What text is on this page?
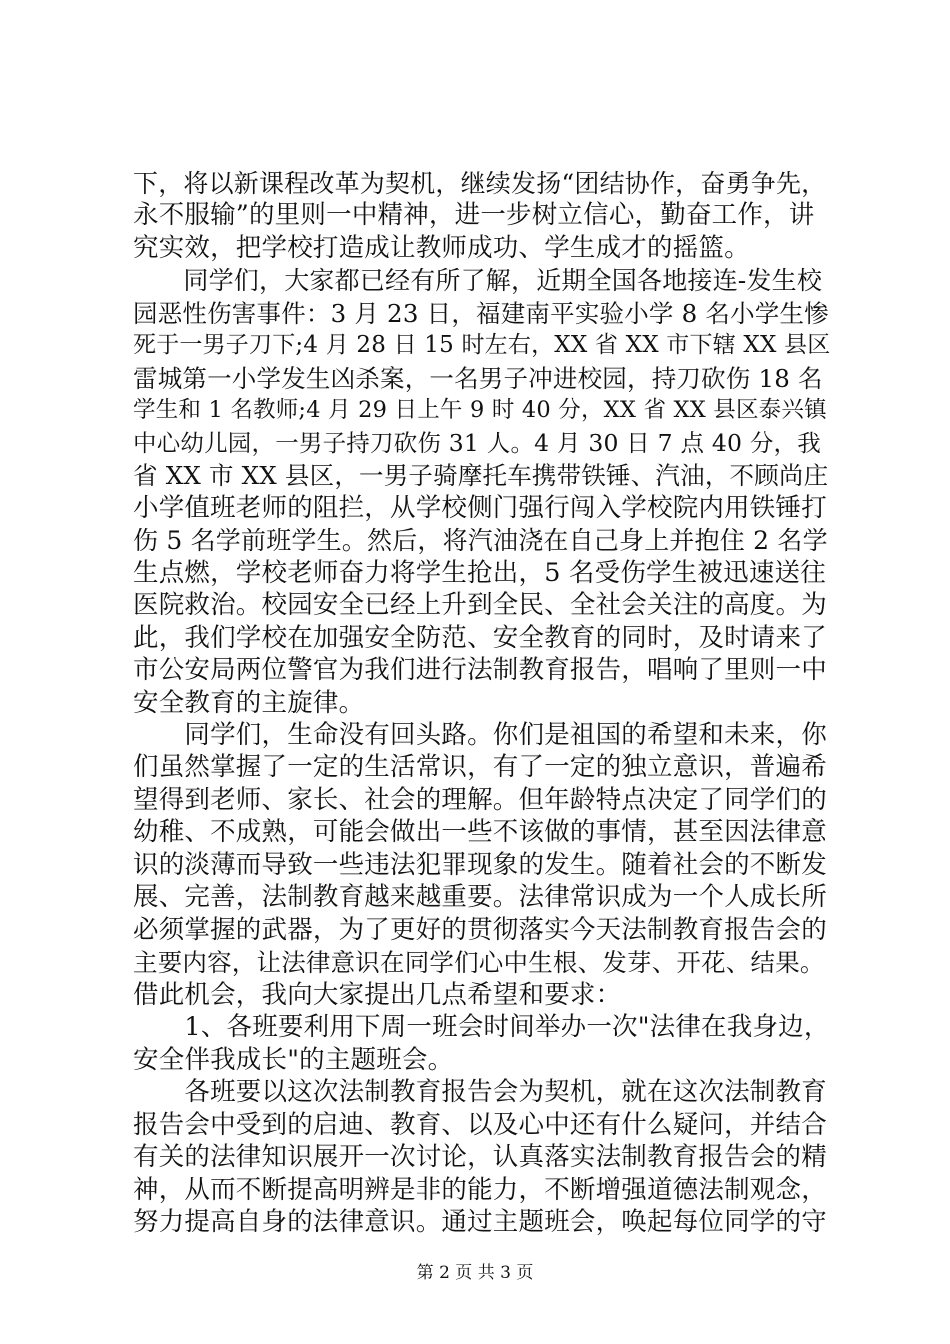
下，将以新课程改革为契机，继续发扬“团结协作，奋勇争先，
永不服输”的里则一中精神，进一步树立信心，勤奋工作，讲
究实效，把学校打造成让教师成功、学生成才的摇篮。
　　同学们，大家都已经有所了解，近期全国各地接连-发生校
园恶性伤害事件：3 月 23 日，福建南平实验小学 8 名小学生惨
死于一男子刀下;4 月 28 日 15 时左右，XX 省 XX 市下辖 XX 县区
雷城第一小学发生凶杀案，一名男子冲进校园，持刀砍伤 18 名
学生和 1 名教师;4 月 29 日上午 9 时 40 分，XX 省 XX 县区泰兴镇
中心幼儿园，一男子持刀砍伤 31 人。4 月 30 日 7 点 40 分，我
省 XX 市 XX 县区，一男子骑摩托车携带铁锤、汽油，不顾尚庄
小学值班老师的阻拦，从学校侧门强行闯入学校院内用铁锤打
伤 5 名学前班学生。然后，将汽油浇在自己身上并抱住 2 名学
生点燃，学校老师奋力将学生抢出，5 名受伤学生被迅速送往
医院救治。校园安全已经上升到全民、全社会关注的高度。为
此，我们学校在加强安全防范、安全教育的同时，及时请来了
市公安局两位警官为我们进行法制教育报告，唱响了里则一中
安全教育的主旋律。
　　同学们，生命没有回头路。你们是祖国的希望和未来，你
们虽然掌握了一定的生活常识，有了一定的独立意识，普遍希
望得到老师、家长、社会的理解。但年龄特点决定了同学们的
幼稚、不成熟，可能会做出一些不该做的事情，甚至因法律意
识的淡薄而导致一些违法犯罪现象的发生。随着社会的不断发
展、完善，法制教育越来越重要。法律常识成为一个人成长所
必须掌握的武器，为了更好的贯彻落实今天法制教育报告会的
主要内容，让法律意识在同学们心中生根、发芽、开花、结果。
借此机会，我向大家提出几点希望和要求：
　　1、各班要利用下周一班会时间举办一次"法律在我身边，
安全伴我成长"的主题班会。
　　各班要以这次法制教育报告会为契机，就在这次法制教育
报告会中受到的启迪、教育、以及心中还有什么疑问，并结合
有关的法律知识展开一次讨论，认真落实法制教育报告会的精
神，从而不断提高明辨是非的能力，不断增强道德法制观念，
努力提高自身的法律意识。通过主题班会，唤起每位同学的守
第 2 页 共 3 页
